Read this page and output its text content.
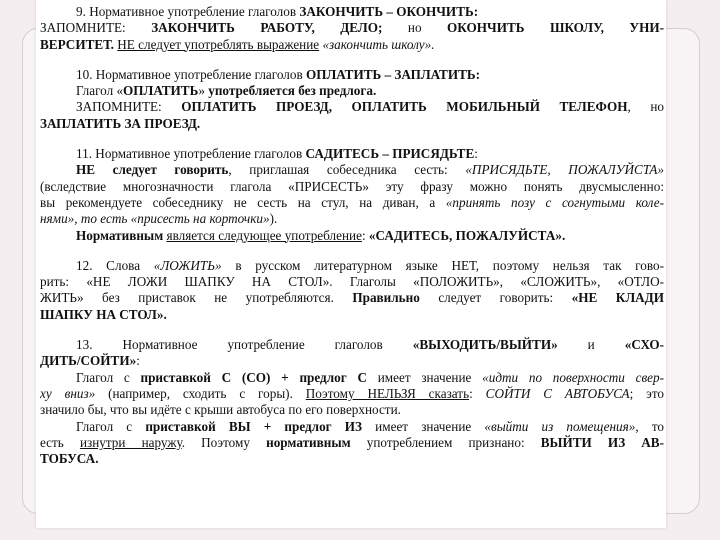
9. Нормативное употребление глаголов ЗАКОНЧИТЬ – ОКОНЧИТЬ:
ЗАПОМНИТЕ: ЗАКОНЧИТЬ РАБОТУ, ДЕЛО; но ОКОНЧИТЬ ШКОЛУ, УНИ-
ВЕРСИТЕТ. НЕ следует употреблять выражение «закончить школу».
10. Нормативное употребление глаголов ОПЛАТИТЬ – ЗАПЛАТИТЬ:
Глагол «ОПЛАТИТЬ» употребляется без предлога.
ЗАПОМНИТЕ: ОПЛАТИТЬ ПРОЕЗД, ОПЛАТИТЬ МОБИЛЬНЫЙ ТЕЛЕФОН, но
ЗАПЛАТИТЬ ЗА ПРОЕЗД.
11. Нормативное употребление глаголов САДИТЕСЬ – ПРИСЯДЬТЕ:
НЕ следует говорить, приглашая собеседника сесть: «ПРИСЯДЬТЕ, ПОЖАЛУЙСТА»
(вследствие многозначности глагола «ПРИСЕСТЬ» эту фразу можно понять двусмысленно:
вы рекомендуете собеседнику не сесть на стул, на диван, а «принять позу с согнутыми коле-
нями», то есть «присесть на корточки»).
Нормативным является следующее употребление: «САДИТЕСЬ, ПОЖАЛУЙСТА».
12. Слова «ЛОЖИТЬ» в русском литературном языке НЕТ, поэтому нельзя так гово-
рить: «НЕ ЛОЖИ ШАПКУ НА СТОЛ». Глаголы «ПОЛОЖИТЬ», «СЛОЖИТЬ», «ОТЛО-
ЖИТЬ» без приставок не употребляются. Правильно следует говорить: «НЕ КЛАДИ
ШАПКУ НА СТОЛ».
13. Нормативное употребление глаголов «ВЫХОДИТЬ/ВЫЙТИ» и «СХО-
ДИТЬ/СОЙТИ»:
Глагол с приставкой С (СО) + предлог С имеет значение «идти по поверхности свер-
ху вниз» (например, сходить с горы). Поэтому НЕЛЬЗЯ сказать: СОЙТИ С АВТОБУСА; это
значило бы, что вы идёте с крыши автобуса по его поверхности.
Глагол с приставкой ВЫ + предлог ИЗ имеет значение «выйти из помещения», то
есть изнутри наружу. Поэтому нормативным употреблением признано: ВЫЙТИ ИЗ АВ-
ТОБУСА.
